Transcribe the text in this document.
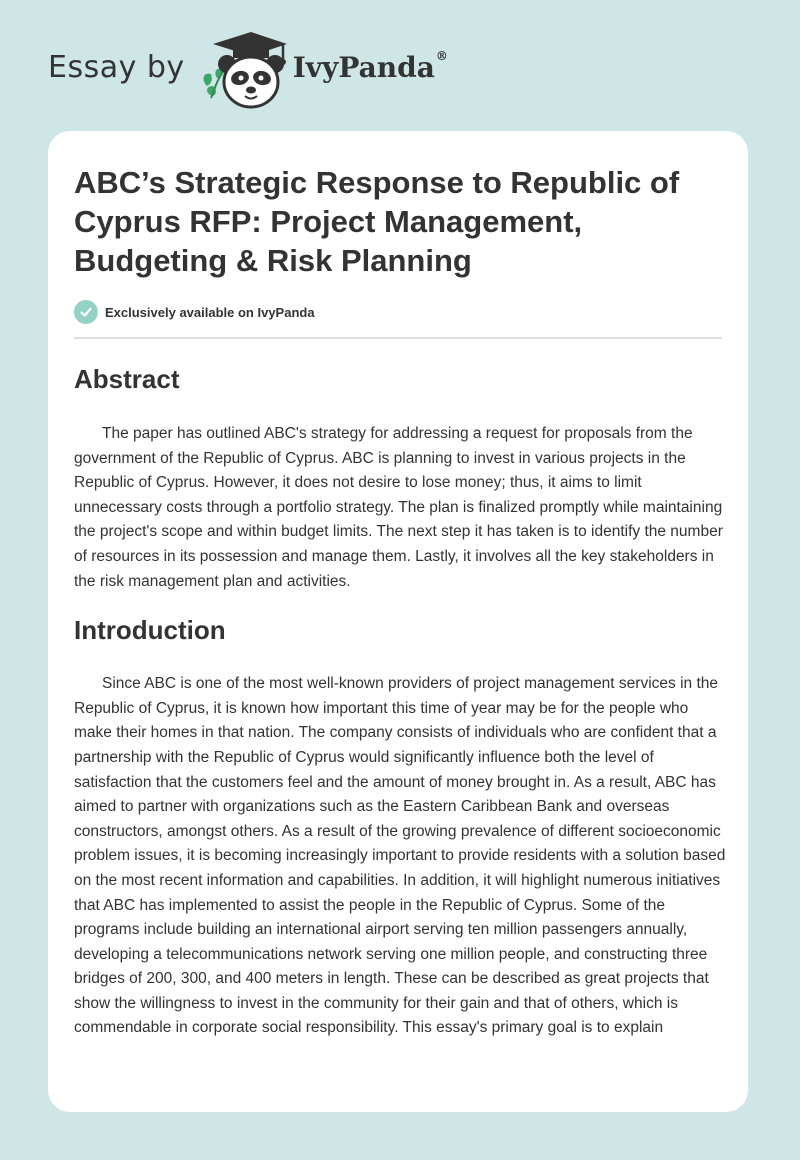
Essay by	IvyPanda®
ABC’s Strategic Response to Republic of Cyprus RFP: Project Management, Budgeting & Risk Planning
Exclusively available on IvyPanda
Abstract

The paper has outlined ABC's strategy for addressing a request for proposals from the government of the Republic of Cyprus. ABC is planning to invest in various projects in the Republic of Cyprus. However, it does not desire to lose money; thus, it aims to limit unnecessary costs through a portfolio strategy. The plan is finalized promptly while maintaining the project's scope and within budget limits. The next step it has taken is to identify the number of resources in its possession and manage them. Lastly, it involves all the key stakeholders in the risk management plan and activities.

Introduction

Since ABC is one of the most well-known providers of project management services in the Republic of Cyprus, it is known how important this time of year may be for the people who make their homes in that nation. The company consists of individuals who are confident that a partnership with the Republic of Cyprus would significantly influence both the level of satisfaction that the customers feel and the amount of money brought in. As a result, ABC has aimed to partner with organizations such as the Eastern Caribbean Bank and overseas constructors, amongst others. As a result of the growing prevalence of different socioeconomic problem issues, it is becoming increasingly important to provide residents with a solution based on the most recent information and capabilities. In addition, it will highlight numerous initiatives that ABC has implemented to assist the people in the Republic of Cyprus. Some of the programs include building an international airport serving ten million passengers annually, developing a telecommunications network serving one million people, and constructing three bridges of 200, 300, and 400 meters in length. These can be described as great projects that show the willingness to invest in the community for their gain and that of others, which is commendable in corporate social responsibility. This essay's primary goal is to explain
